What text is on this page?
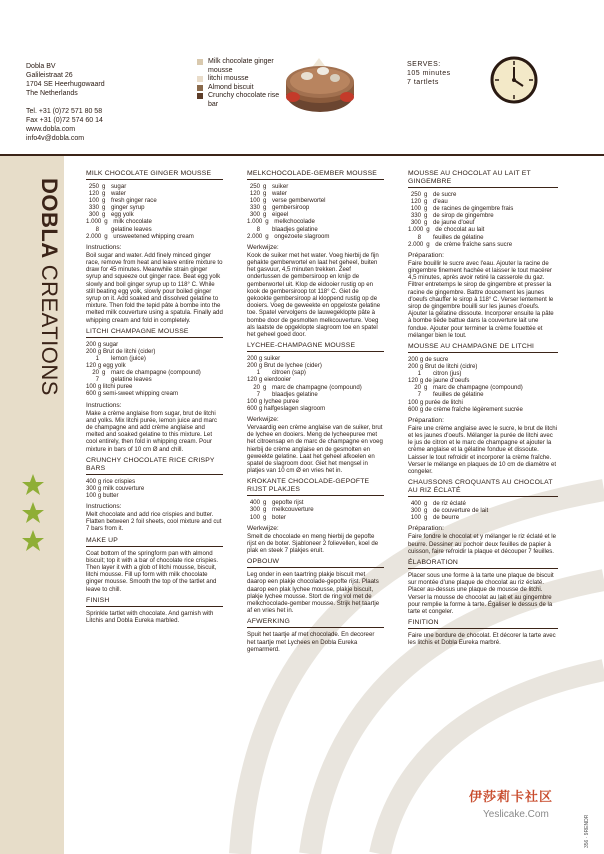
Dobla BV
Galileistraat 26
1704 SE Heerhugowaard
The Netherlands
Tel. +31 (0)72 571 80 58
Fax +31 (0)72 574 60 14
www.dobla.com
info4v@dobla.com
Milk chocolate ginger mousse
litchi mousse
Almond biscuit
Crunchy chocolate rise bar
SERVES:
105 minutes
7 tartlets
DOBLACREATIONS
MILK CHOCOLATE GINGER MOUSSE
250 g sugar
120 g water
100 g fresh ginger race
330 g ginger syrup
300 g egg yolk
1.000 g milk chocolate
8	gelatine leaves
2.000 g unsweetened whipping cream
Instructions:

Boil sugar and water. Add finely minced ginger race, remove from heat and leave entire mixture to draw for 45 minutes. Meanwhile strain ginger syrup and squeeze out ginger race. Beat egg yolk slowly and boil ginger syrup up to 118° C. While still beating egg yolk, slowly pour boiled ginger syrup on it. Add soaked and dissolved gelatine to mixture. Then fold the tepid pâte à bombe into the melted milk couverture using a spatula. Finally add whipping cream and fold in completely.

LITCHI CHAMPAGNE MOUSSE
200 g sugar
200 g Brut de litchi (cider)
1	lemon (juice)
120 g egg yolk
20 g marc de champagne (compound)
7	gelatine leaves
100 g litchi puree
600 g semi-sweet whipping cream
Instructions:

Make a crème anglaise from sugar, brut de litchi and yolks. Mix litchi purée, lemon juice and marc de champagne and add crème anglaise and melted and soaked gelatine to this mixture. Let cool entirely, then fold in whipping cream. Pour mixture in bars of 10 cm Ø and chill.

CRUNCHY CHOCOLATE RICE CRISPY BARS
400 g rice crispies
300 g milk couverture
100 g butter
Instructions:

Melt chocolate and add rice crispies and butter. Flatten between 2 foil sheets, cool mixture and cut 7 bars from it.

MAKE UP

Coat bottom of the springform pan with almond biscuit; top it with a bar of chocolate rice crispies. Then layer it with a glob of litchi mousse, biscuit, litchi mousse. Fill up form with milk chocolate ginger mousse. Smooth the top of the tartlet and leave to chill.

FINISH

Sprinkle tartlet with chocolate. And garnish with Litchis and Dobla Eureka marbled.

MELKCHOCOLADE-GEMBER MOUSSE
250 g suiker
120 g water
100 g verse gemberwortel
330 g gembersiroop
300 g eigeel
1.000 g melkchocolade
8	blaadjes gelatine
2.000 g ongezoete slagroom
Werkwijze:

Kook de suiker met het water. Voeg hierbij de fijn gehakte gemberwortel en laat het geheel, buiten het gasvuur, 4,5 minuten trekken. Zeef ondertussen de gembersiroop en knijp de gemberwortel uit. Klop de eidooier rustig op en kook de gembersiroop tot 118° C. Giet de gekookte gembersiroop al kloppend rustig op de dooiers. Voeg de geweekte en opgeloste gelatine toe. Spatel vervolgens de lauwegeklopte pâte à bombe door de gesmolten melkcouverture. Voeg als laatste de opgeklopte slagroom toe en spatel het geheel goed door.

LYCHEE-CHAMPAGNE MOUSSE
200 g suiker
200 g Brut de lychee (cider)
1	citroen (sap)
120 g eierdooier
20 g marc de champagne (compound)
7	blaadjes gelatine
100 g lychee puree
600 g halfgeslagen slagroom
Werkwijze:

Vervaardig een crème anglaise van de suiker, brut de lychee en dooiers. Meng de lycheepuree met het citroensap en de marc de champagne en voeg hierbij de crème anglaise en de gesmolten en geweekte gelatine. Laat het geheel afkoelen en spatel de slagroom door. Giet het mengsel in platjes van 10 cm Ø en vries het in.

KROKANTE CHOCOLADE-GEPOFTE RIJST PLAKJES
400 g gepofte rijst
300 g melkcouverture
100 g boter
Werkwijze:

Smelt de chocolade en meng hierbij de gepofte rijst en de boter. Sjabloneer 2 folievellen, koel de plak en steek 7 plakjes eruit.

OPBOUW

Leg onder in een taartring plakje biscuit met daarop een plakje chocolade-gepofte rijst. Plaats daarop een plak lychee mousse, plakje biscuit, plakje lychee mousse. Stort de ring vol met de melkchocolade-gember mousse. Strijk het taartje af en vries het in.

AFWERKING

Spuit het taartje af met chocolade. En decoreer het taartje met Lychees en Dobla Eureka gemarmerd.

MOUSSE AU CHOCOLAT AU LAIT ET GINGEMBRE
250 g de sucre
120 g d'eau
100 g de racines de gingembre frais
330 g de sirop de gingembre
300 g de jaune d'oeuf
1.000 g de chocolat au lait
8	feuilles de gélatine
2.000 g de crème fraîche sans sucre
Préparation:

Faire bouillir le sucre avec l'eau. Ajouter la racine de gingembre finement hachée et laisser le tout macérer 4,5 minutes, après avoir retiré la casserole du gaz. Filtrer entretemps le sirop de gingembre et presser la racine de gingembre. Battre doucement les jaunes d'oeufs chauffer le sirop à 118° C. Verser lentement le sirop de gingembre bouilli sur les jaunes d'oeufs. Ajouter la gélatine dissoute. Incorporer ensuite la pâte à bombe tiède battue dans la couverture lait une fondue. Ajouter pour terminer la crème fouettée et mélanger bien le tout.

MOUSSE AU CHAMPAGNE DE LITCHI
200 g de sucre
200 g Brut de litchi (cidre)
1	citron (jus)
120 g de jaune d'oeufs
20 g marc de champagne (compound)
7	feuilles de gélatine
100 g purée de litchi
600 g de crème fraîche légèrement sucrée
Préparation:

Faire une crème anglaise avec le sucre, le brut de litchi et les jaunes d'oeufs. Mélanger la purée de litchi avec le jus de citron et le marc de champagne et ajouter la crème anglaise et la gélatine fondue et dissoute. Laisser le tout refroidir et incorporer la crème fraîche. Verser le mélange en plaques de 10 cm de diamètre et congeler.

CHAUSSONS CROQUANTS AU CHOCOLAT AU RIZ ÉCLATÉ
400 g de riz éclaté
300 g de couverture de lait
100 g de beurre
Préparation:

Faire fondre le chocolat et y mélanger le riz éclaté et le beurre. Dessiner au pochoir deux feuilles de papier à cuisson, faire refroidir la plaque et découper 7 feuilles.

ÉLABORATION

Placer sous une forme à la tarte une plaque de biscuit sur montée d'une plaque de chocolat au riz éclaté. Placer au-dessus une plaque de mousse de litchi. Verser la mousse de chocolat au lait et au gingembre pour remplie la forme à tarte. Égaliser le dessus de la tarte et congeler.

FINITION

Faire une bordure de chocolat. Et décorer la tarte avec les litchis et Dobla Eureka marbré.

伊莎莉卡社区
Yeslicake.Com
356 · 9RENDR
